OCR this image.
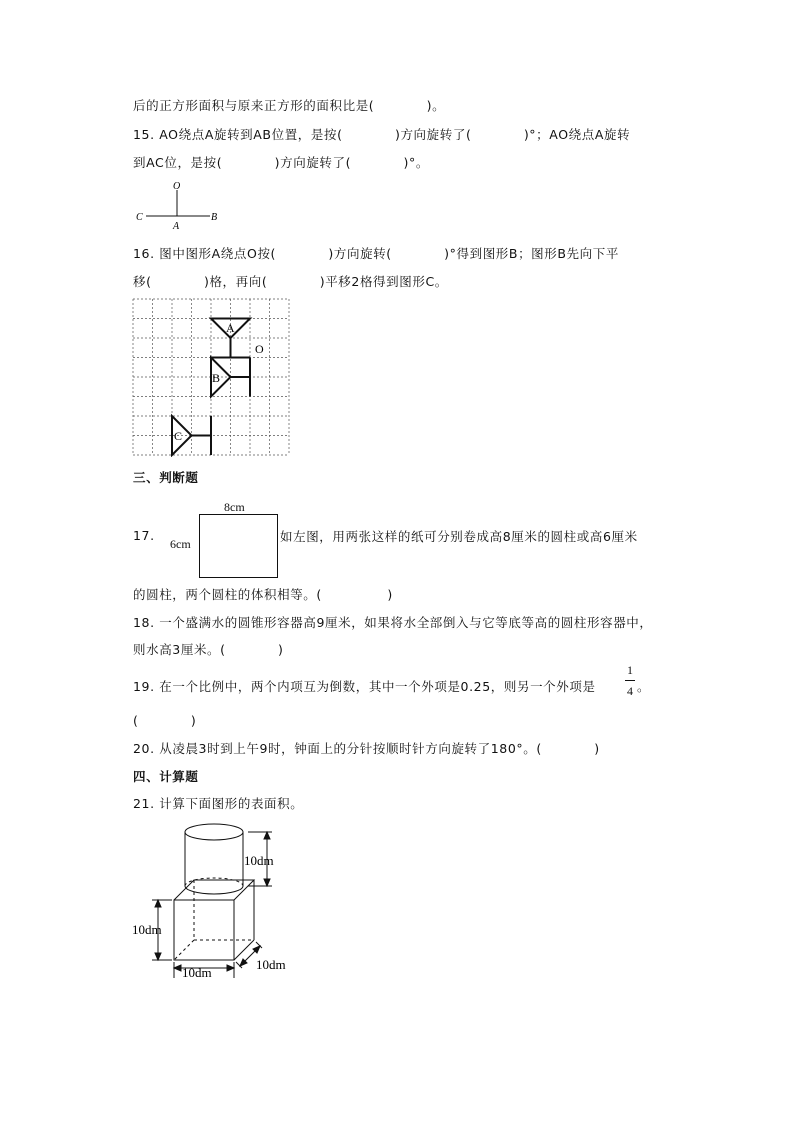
后的正方形面积与原来正方形的面积比是(　　　　)。
15. AO绕点A旋转到AB位置，是按(　　　　)方向旋转了(　　　　)°；AO绕点A旋转
到AC位，是按(　　　　)方向旋转了(　　　　)°。
O
A
B
C
16. 图中图形A绕点O按(　　　　)方向旋转(　　　　)°得到图形B；图形B先向下平
移(　　　　)格，再向(　　　　)平移2格得到图形C。
A
B
C
O
三、判断题
17.
8cm
6cm	如左图，用两张这样的纸可分别卷成高8厘米的圆柱或高6厘米
的圆柱，两个圆柱的体积相等。(　　　　　)
18. 一个盛满水的圆锥形容器高9厘米，如果将水全部倒入与它等底等高的圆柱形容器中，
则水高3厘米。(　　　　)
19. 在一个比例中，两个内项互为倒数，其中一个外项是0.25，则另一个外项是
1
4 。
(　　　　)
20. 从凌晨3时到上午9时，钟面上的分针按顺时针方向旋转了180°。(　　　　)
四、计算题
21. 计算下面图形的表面积。
10dm
10dm
10dm
10dm
